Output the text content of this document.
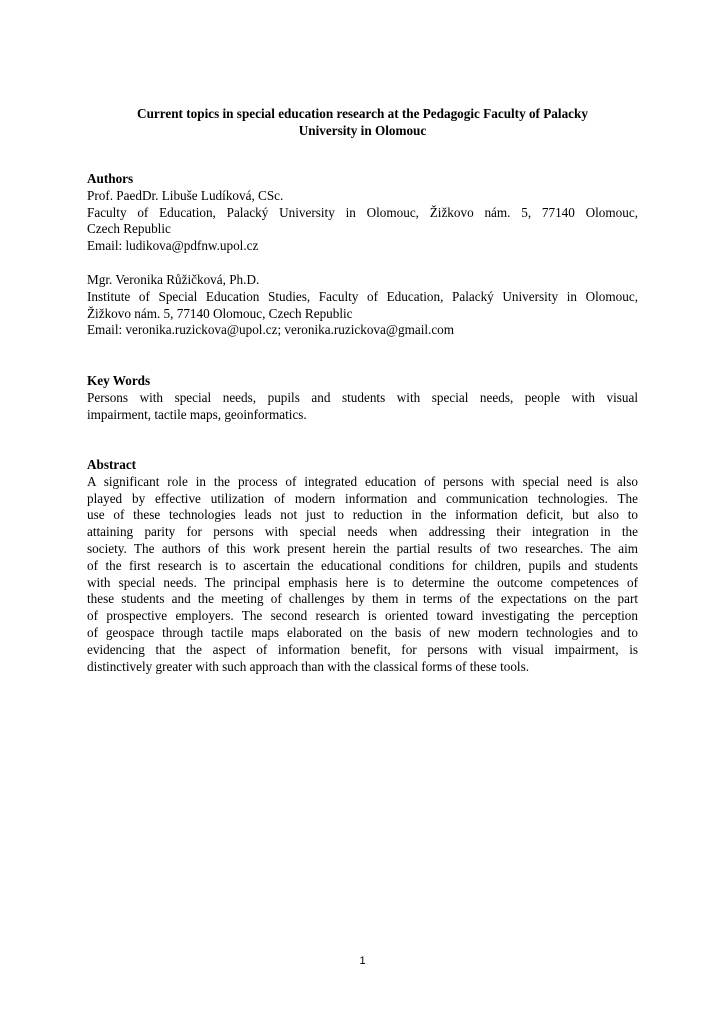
Current topics in special education research at the Pedagogic Faculty of Palacky
University in Olomouc
Authors
Prof. PaedDr. Libuše Ludíková, CSc.
Faculty of Education, Palacký University in Olomouc, Žižkovo nám. 5, 77140 Olomouc,
Czech Republic
Email: ludikova@pdfnw.upol.cz
Mgr. Veronika Růžičková, Ph.D.
Institute of Special Education Studies, Faculty of Education, Palacký University in Olomouc,
Žižkovo nám. 5, 77140 Olomouc, Czech Republic
Email: veronika.ruzickova@upol.cz; veronika.ruzickova@gmail.com
Key Words
Persons with special needs, pupils and students with special needs, people with visual
impairment, tactile maps, geoinformatics.
Abstract
A significant role in the process of integrated education of persons with special need is also
played by effective utilization of modern information and communication technologies. The
use of these technologies leads not just to reduction in the information deficit, but also to
attaining parity for persons with special needs when addressing their integration in the
society. The authors of this work present herein the partial results of two researches. The aim
of the first research is to ascertain the educational conditions for children, pupils and students
with special needs. The principal emphasis here is to determine the outcome competences of
these students and the meeting of challenges by them in terms of the expectations on the part
of prospective employers. The second research is oriented toward investigating the perception
of geospace through tactile maps elaborated on the basis of new modern technologies and to
evidencing that the aspect of information benefit, for persons with visual impairment, is
distinctively greater with such approach than with the classical forms of these tools.
1
